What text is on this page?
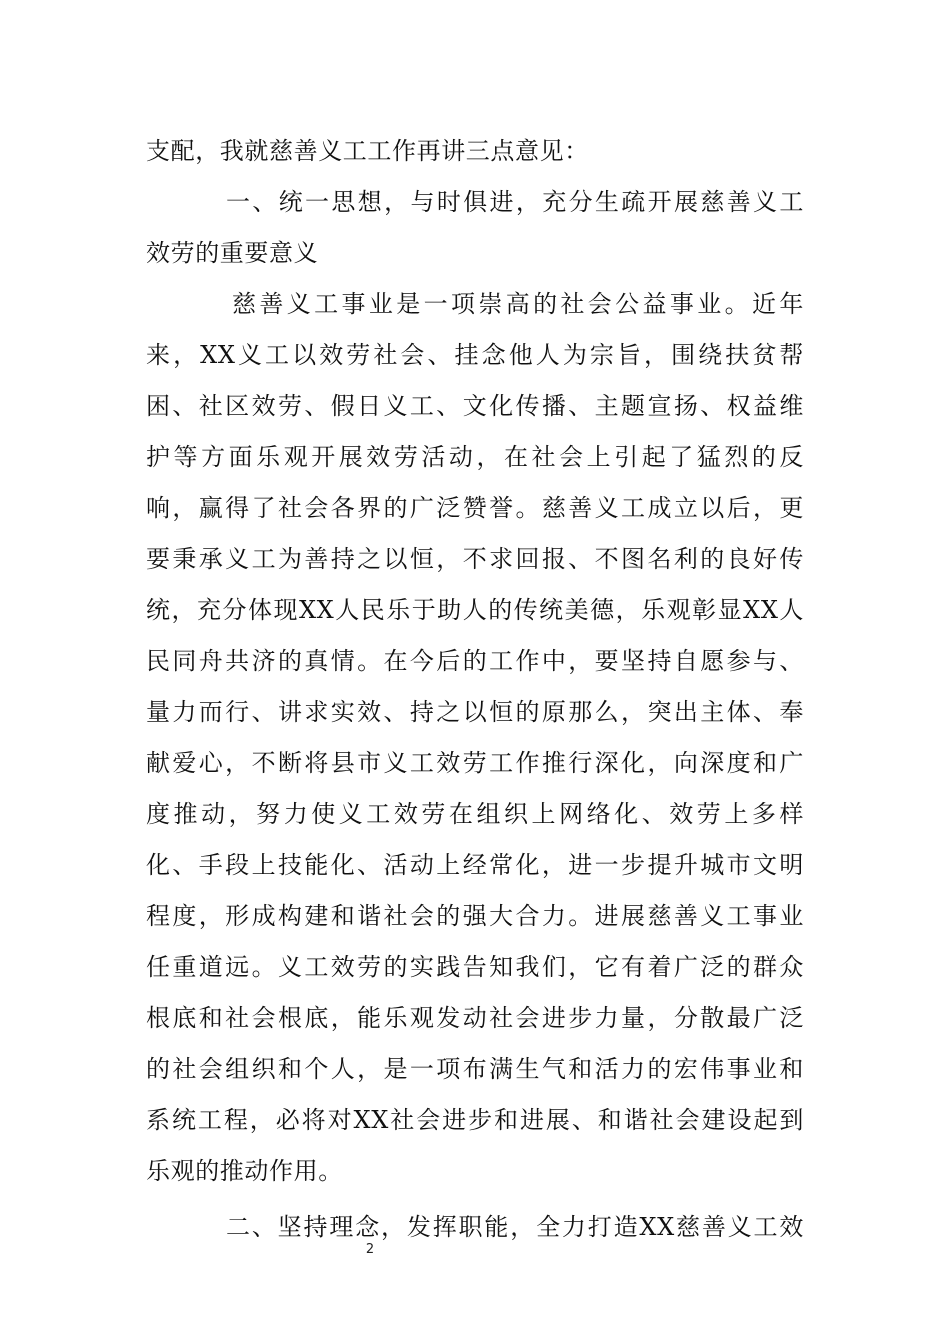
支配，我就慈善义工工作再讲三点意见：
一、统一思想，与时俱进，充分生疏开展慈善义工
效劳的重要意义
慈善义工事业是一项崇高的社会公益事业。近年
来，XX义工以效劳社会、挂念他人为宗旨，围绕扶贫帮
困、社区效劳、假日义工、文化传播、主题宣扬、权益维
护等方面乐观开展效劳活动，在社会上引起了猛烈的反
响，赢得了社会各界的广泛赞誉。慈善义工成立以后，更
要秉承义工为善持之以恒，不求回报、不图名利的良好传
统，充分体现XX人民乐于助人的传统美德，乐观彰显XX人
民同舟共济的真情。在今后的工作中，要坚持自愿参与、
量力而行、讲求实效、持之以恒的原那么，突出主体、奉
献爱心，不断将县市义工效劳工作推行深化，向深度和广
度推动，努力使义工效劳在组织上网络化、效劳上多样
化、手段上技能化、活动上经常化，进一步提升城市文明
程度，形成构建和谐社会的强大合力。进展慈善义工事业
任重道远。义工效劳的实践告知我们，它有着广泛的群众
根底和社会根底，能乐观发动社会进步力量，分散最广泛
的社会组织和个人，是一项布满生气和活力的宏伟事业和
系统工程，必将对XX社会进步和进展、和谐社会建设起到
乐观的推动作用。
二、坚持理念，发挥职能，全力打造XX慈善义工效
2
